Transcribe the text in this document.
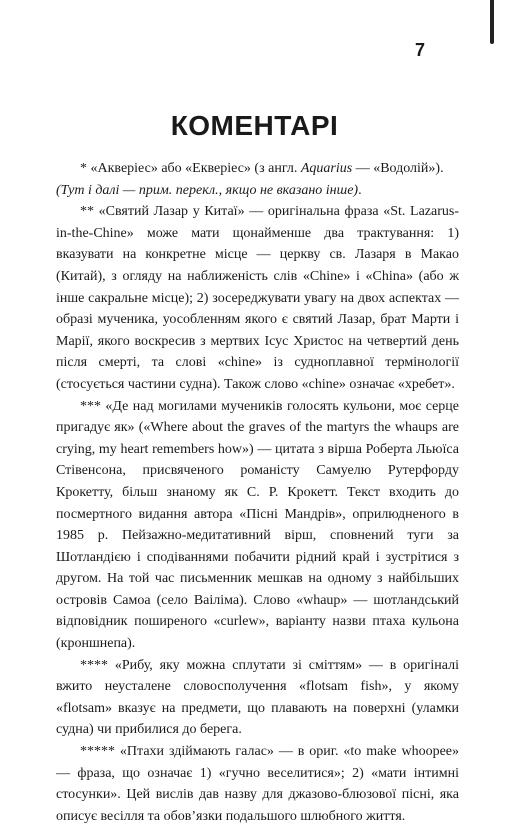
7
КОМЕНТАРІ

* «Акверіес» або «Екверіес» (з англ. Aquarius — «Водолій»).

(Тут і далі — прим. перекл., якщо не вказано інше).

** «Святий Лазар у Китаї» — оригінальна фраза «St. Lazarus-in-the-Chine» може мати щонайменше два трактування: 1) вказувати на конкретне місце — церкву св. Лазаря в Макао (Китай), з огляду на наближеність слів «Chine» і «China» (або ж інше сакральне місце); 2) зосереджувати увагу на двох аспектах — образі мученика, уособленням якого є святий Лазар, брат Марти і Марії, якого воскресив з мертвих Ісус Христос на четвертий день після смерті, та слові «chine» із судноплавної термінології (стосується частини судна). Також слово «chine» означає «хребет».

*** «Де над могилами мучеників голосять кульони, моє серце пригадує як» («Where about the graves of the martyrs the whaups are crying, my heart remembers how») — цитата з вірша Роберта Льюїса Стівенсона, присвяченого романісту Самуелю Рутерфорду Крокетту, більш знаному як С. Р. Крокетт. Текст входить до посмертного видання автора «Пісні Мандрів», оприлюдненого в 1985 р. Пейзажно-медитативний вірш, сповнений туги за Шотландією і сподіваннями побачити рідний край і зустрітися з другом. На той час письменник мешкав на одному з найбільших островів Самоа (село Ваіліма). Слово «whaup» — шотландський відповідник поширеного «curlew», варіанту назви птаха кульона (кроншнепа).

**** «Рибу, яку можна сплутати зі сміттям» — в оригіналі вжито неусталене словосполучення «flotsam fish», у якому «flotsam» вказує на предмети, що плавають на поверхні (уламки судна) чи прибилися до берега.

***** «Птахи здіймають галас» — в ориг. «to make whoopee» — фраза, що означає 1) «гучно веселитися»; 2) «мати інтимні стосунки». Цей вислів дав назву для джазово-блюзової пісні, яка описує весілля та обов’язки подальшого шлюбного життя.
